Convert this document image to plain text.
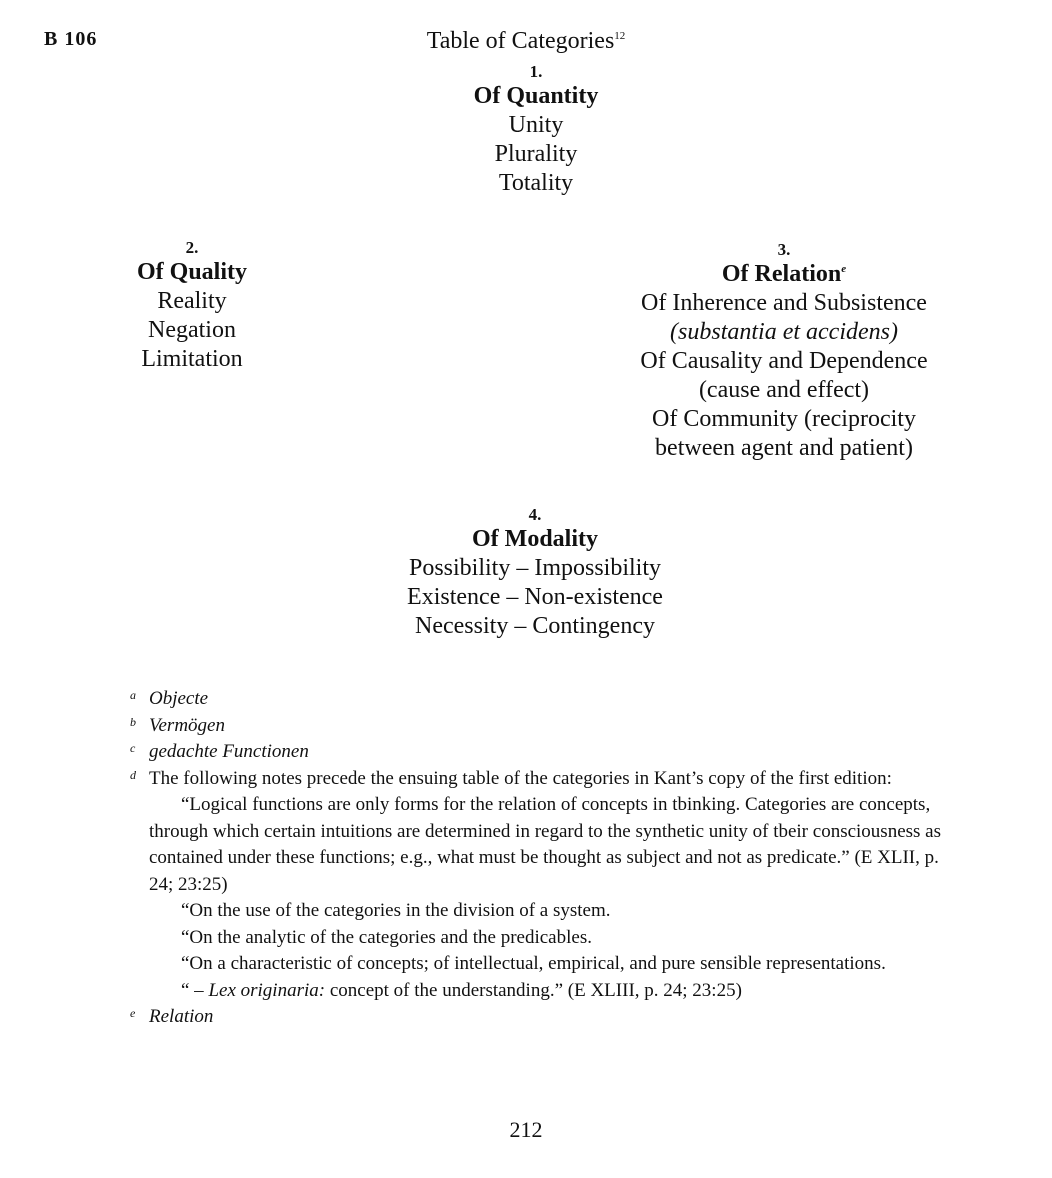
B 106	Table of Categories$^{12}$
1.
Of Quantity
Unity
Plurality
Totality
2.
Of Quality
Reality
Negation
Limitation
3.
Of Relation$^e$
Of Inherence and Subsistence
(substantia et accidens)
Of Causality and Dependence
(cause and effect)
Of Community (reciprocity
between agent and patient)
4.
Of Modality
Possibility – Impossibility
Existence – Non-existence
Necessity – Contingency
a Objecte
b Vermögen
c gedachte Functionen
d The following notes precede the ensuing table of the categories in Kant’s copy of the first edition:
“Logical functions are only forms for the relation of concepts in tbinking. Categories are concepts, through which certain intuitions are determined in regard to the synthetic unity of tbeir consciousness as contained under these functions; e.g., what must be thought as subject and not as predicate.” (E XLII, p. 24; 23:25)
“On the use of the categories in the division of a system.
“On the analytic of the categories and the predicables.
“On a characteristic of concepts; of intellectual, empirical, and pure sensible representations.
“ – Lex originaria: concept of the understanding.” (E XLIII, p. 24; 23:25)
e Relation
212
